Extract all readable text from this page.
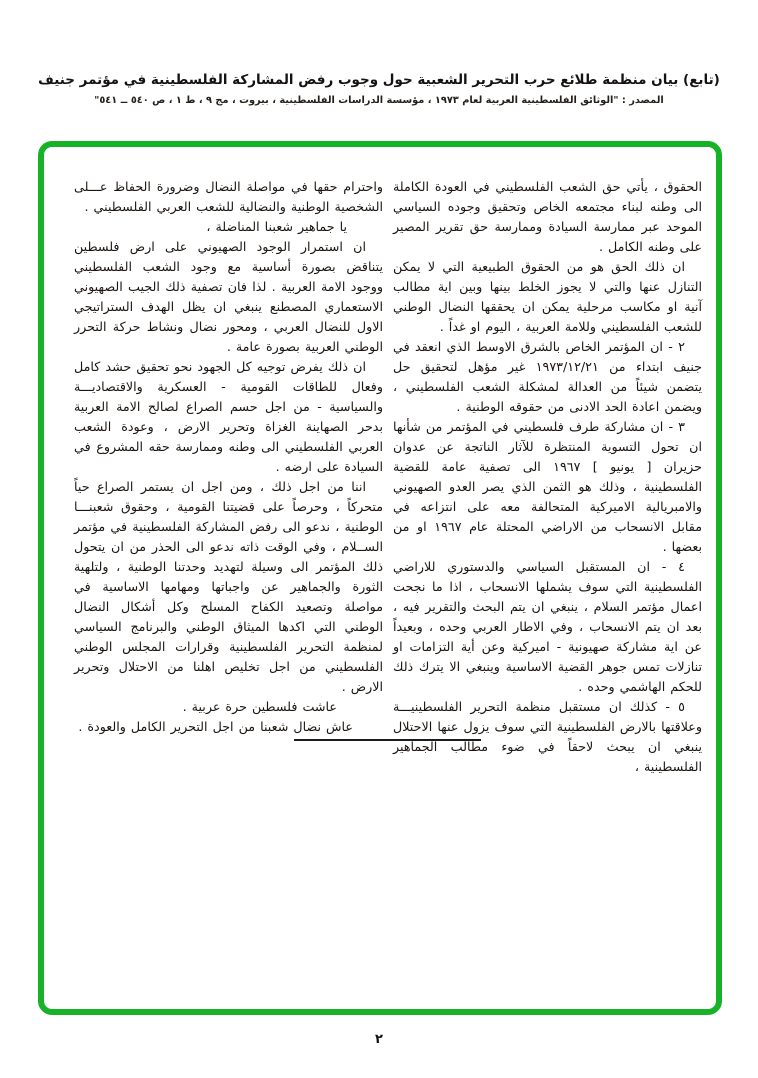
(تابع) بيان منظمة طلائع حرب التحرير الشعبية حول وجوب رفض المشاركة الفلسطينية في مؤتمر جنيف
المصدر : "الوثائق الفلسطينية العربية لعام ١٩٧٣ ، مؤسسة الدراسات الفلسطينية ، بيروت ، مج ٩ ، ط ١ ، ص ٥٤٠ ــ ٥٤١"

الحقوق ، يأتي حق الشعب الفلسطيني في العودة الكاملة الى وطنه لبناء مجتمعه الخاص وتحقيق وجوده السياسي الموحد عبر ممارسة السيادة وممارسة حق تقرير المصير على وطنه الكامل .

ان ذلك الحق هو من الحقوق الطبيعية التي لا يمكن التنازل عنها والتي لا يجوز الخلط بينها وبين اية مطالب آنية او مكاسب مرحلية يمكن ان يحققها النضال الوطني للشعب الفلسطيني وللامة العربية ، اليوم او غداً .

٢ - ان المؤتمر الخاص بالشرق الاوسط الذي انعقد في جنيف ابتداء من ١٩٧٣/١٢/٢١ غير مؤهل لتحقيق حل يتضمن شيئاً من العدالة لمشكلة الشعب الفلسطيني ، ويضمن اعادة الحد الادنى من حقوقه الوطنية .

٣ - ان مشاركة طرف فلسطيني في المؤتمر من شأنها ان تحول التسوية المنتظرة للآثار الناتجة عن عدوان حزيران [ يونيو ] ١٩٦٧ الى تصفية عامة للقضية الفلسطينية ، وذلك هو الثمن الذي يصر العدو الصهيوني والامبريالية الاميركية المتحالفة معه على انتزاعه في مقابل الانسحاب من الاراضي المحتلة عام ١٩٦٧ او من بعضها .

٤ - ان المستقبل السياسي والدستوري للاراضي الفلسطينية التي سوف يشملها الانسحاب ، اذا ما نجحت اعمال مؤتمر السلام ، ينبغي ان يتم البحث والتقرير فيه ، بعد ان يتم الانسحاب ، وفي الاطار العربي وحده ، وبعيداً عن اية مشاركة صهيونية - اميركية وعن أية التزامات او تنازلات تمس جوهر القضية الاساسية وينبغي الا يترك ذلك للحكم الهاشمي وحده .

٥ - كذلك ان مستقبل منظمة التحرير الفلسطينيـــة وعلاقتها بالارض الفلسطينية التي سوف يزول عنها الاحتلال ينبغي ان يبحث لاحقاً في ضوء مطالب الجماهير الفلسطينية ،

واحترام حقها في مواصلة النضال وضرورة الحفاظ عـــلى الشخصية الوطنية والنضالية للشعب العربي الفلسطيني .

يا جماهير شعبنا المناضلة ،

ان استمرار الوجود الصهيوني على ارض فلسطين يتناقض بصورة أساسية مع وجود الشعب الفلسطيني ووجود الامة العربية . لذا فان تصفية ذلك الجيب الصهيوني الاستعماري المصطنع ينبغي ان يظل الهدف الستراتيجي الاول للنضال العربي ، ومحور نضال ونشاط حركة التحرر الوطني العربية بصورة عامة .

ان ذلك يفرض توجيه كل الجهود نحو تحقيق حشد كامل وفعال للطاقات القومية - العسكرية والاقتصاديـــة والسياسية - من اجل حسم الصراع لصالح الامة العربية بدحر الصهاينة الغزاة وتحرير الارض ، وعودة الشعب العربي الفلسطيني الى وطنه وممارسة حقه المشروع في السيادة على ارضه .

اننا من اجل ذلك ، ومن اجل ان يستمر الصراع حياً متحركاً ، وحرصاً على قضيتنا القومية ، وحقوق شعبنـــا الوطنية ، ندعو الى رفض المشاركة الفلسطينية في مؤتمر الســلام ، وفي الوقت ذاته ندعو الى الحذر من ان يتحول ذلك المؤتمر الى وسيلة لتهديد وحدتنا الوطنية ، ولتلهية الثورة والجماهير عن واجباتها ومهامها الاساسية في مواصلة وتصعيد الكفاح المسلح وكل أشكال النضال الوطني التي اكدها الميثاق الوطني والبرنامج السياسي لمنظمة التحرير الفلسطينية وقرارات المجلس الوطني الفلسطيني من اجل تخليص اهلنا من الاحتلال وتحرير الارض .

عاشت فلسطين حرة عربية .

عاش نضال شعبنا من اجل التحرير الكامل والعودة .

٢
